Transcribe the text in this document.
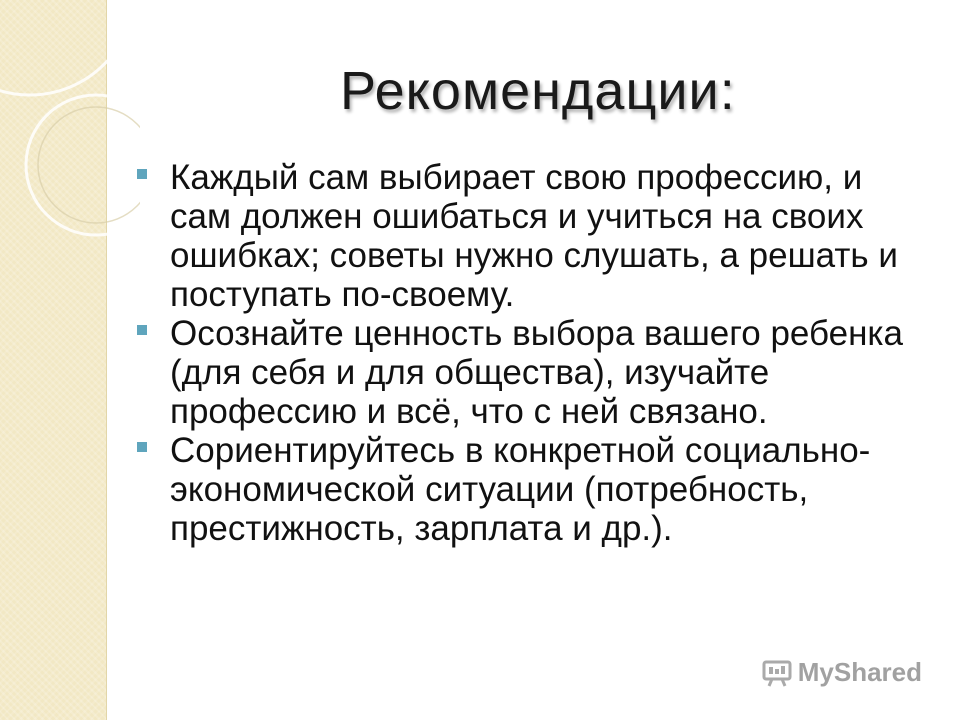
Рекомендации:
Каждый сам выбирает свою профессию, и сам должен ошибаться и учиться на своих ошибках; советы нужно слушать, а решать и поступать по-своему.
Осознайте ценность выбора вашего ребенка (для себя и для общества), изучайте профессию и всё, что с ней связано.
Сориентируйтесь в конкретной социально-экономической ситуации (потребность, престижность, зарплата и др.).
MyShared
